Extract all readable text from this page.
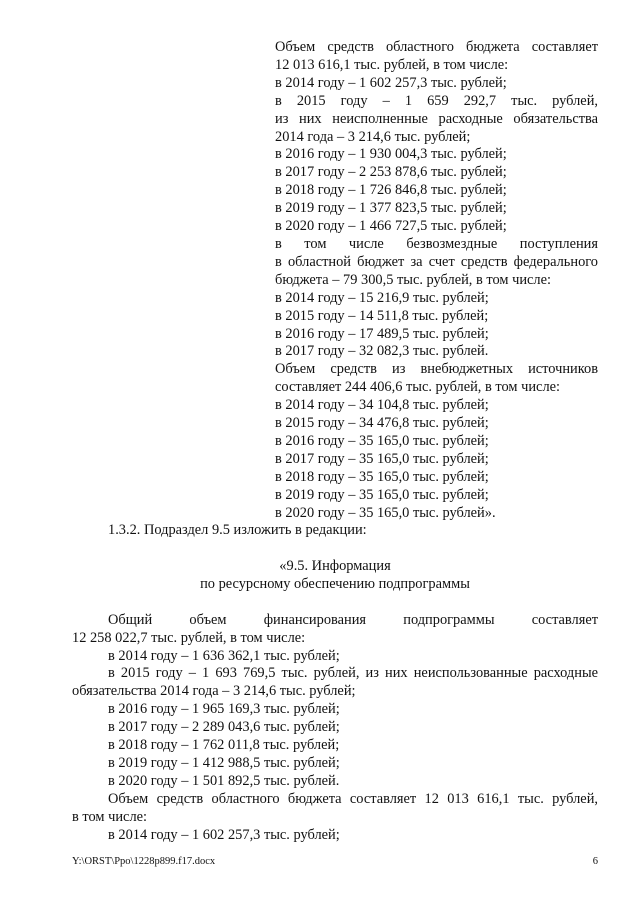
Объем средств областного бюджета составляет

12 013 616,1 тыс. рублей, в том числе:

в 2014 году – 1 602 257,3 тыс. рублей;

в 2015 году – 1 659 292,7 тыс. рублей,

из них неисполненные расходные обязательства

2014 года – 3 214,6 тыс. рублей;

в 2016 году – 1 930 004,3 тыс. рублей;

в 2017 году – 2 253 878,6 тыс. рублей;

в 2018 году – 1 726 846,8 тыс. рублей;

в 2019 году – 1 377 823,5 тыс. рублей;

в 2020 году – 1 466 727,5 тыс. рублей;

в том числе безвозмездные поступления

в областной бюджет за счет средств федерального

бюджета – 79 300,5 тыс. рублей, в том числе:

в 2014 году – 15 216,9 тыс. рублей;

в 2015 году – 14 511,8 тыс. рублей;

в 2016 году – 17 489,5 тыс. рублей;

в 2017 году – 32 082,3 тыс. рублей.

Объем средств из внебюджетных источников

составляет 244 406,6 тыс. рублей, в том числе:

в 2014 году – 34 104,8 тыс. рублей;

в 2015 году – 34 476,8 тыс. рублей;

в 2016 году – 35 165,0 тыс. рублей;

в 2017 году – 35 165,0 тыс. рублей;

в 2018 году – 35 165,0 тыс. рублей;

в 2019 году – 35 165,0 тыс. рублей;

в 2020 году – 35 165,0 тыс. рублей».

1.3.2. Подраздел 9.5 изложить в редакции:

«9.5. Информация

по ресурсному обеспечению подпрограммы

Общий объем финансирования подпрограммы составляет

12 258 022,7 тыс. рублей, в том числе:

в 2014 году – 1 636 362,1 тыс. рублей;

в 2015 году – 1 693 769,5 тыс. рублей, из них неиспользованные расходные

обязательства 2014 года – 3 214,6 тыс. рублей;

в 2016 году – 1 965 169,3 тыс. рублей;

в 2017 году – 2 289 043,6 тыс. рублей;

в 2018 году – 1 762 011,8 тыс. рублей;

в 2019 году – 1 412 988,5 тыс. рублей;

в 2020 году – 1 501 892,5 тыс. рублей.

Объем средств областного бюджета составляет 12 013 616,1 тыс. рублей,

в том числе:

в 2014 году – 1 602 257,3 тыс. рублей;

Y:\ORST\Ppo\1228p899.f17.docx	6
